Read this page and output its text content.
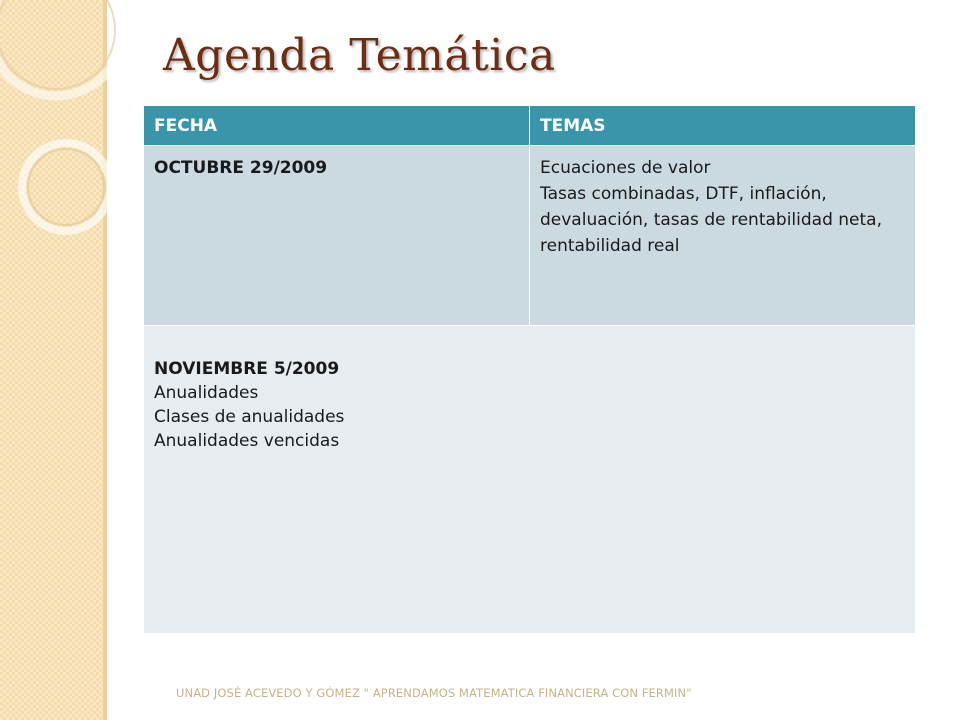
Agenda Temática
FECHA	TEMAS
OCTUBRE 29/2009	Ecuaciones de valor
Tasas combinadas, DTF, inflación, devaluación, tasas de rentabilidad neta, rentabilidad real

NOVIEMBRE 5/2009
Anualidades
Clases de anualidades
Anualidades vencidas	
UNAD JOSÉ ACEVEDO Y GÓMEZ " APRENDAMOS MATEMATICA FINANCIERA CON FERMIN"
